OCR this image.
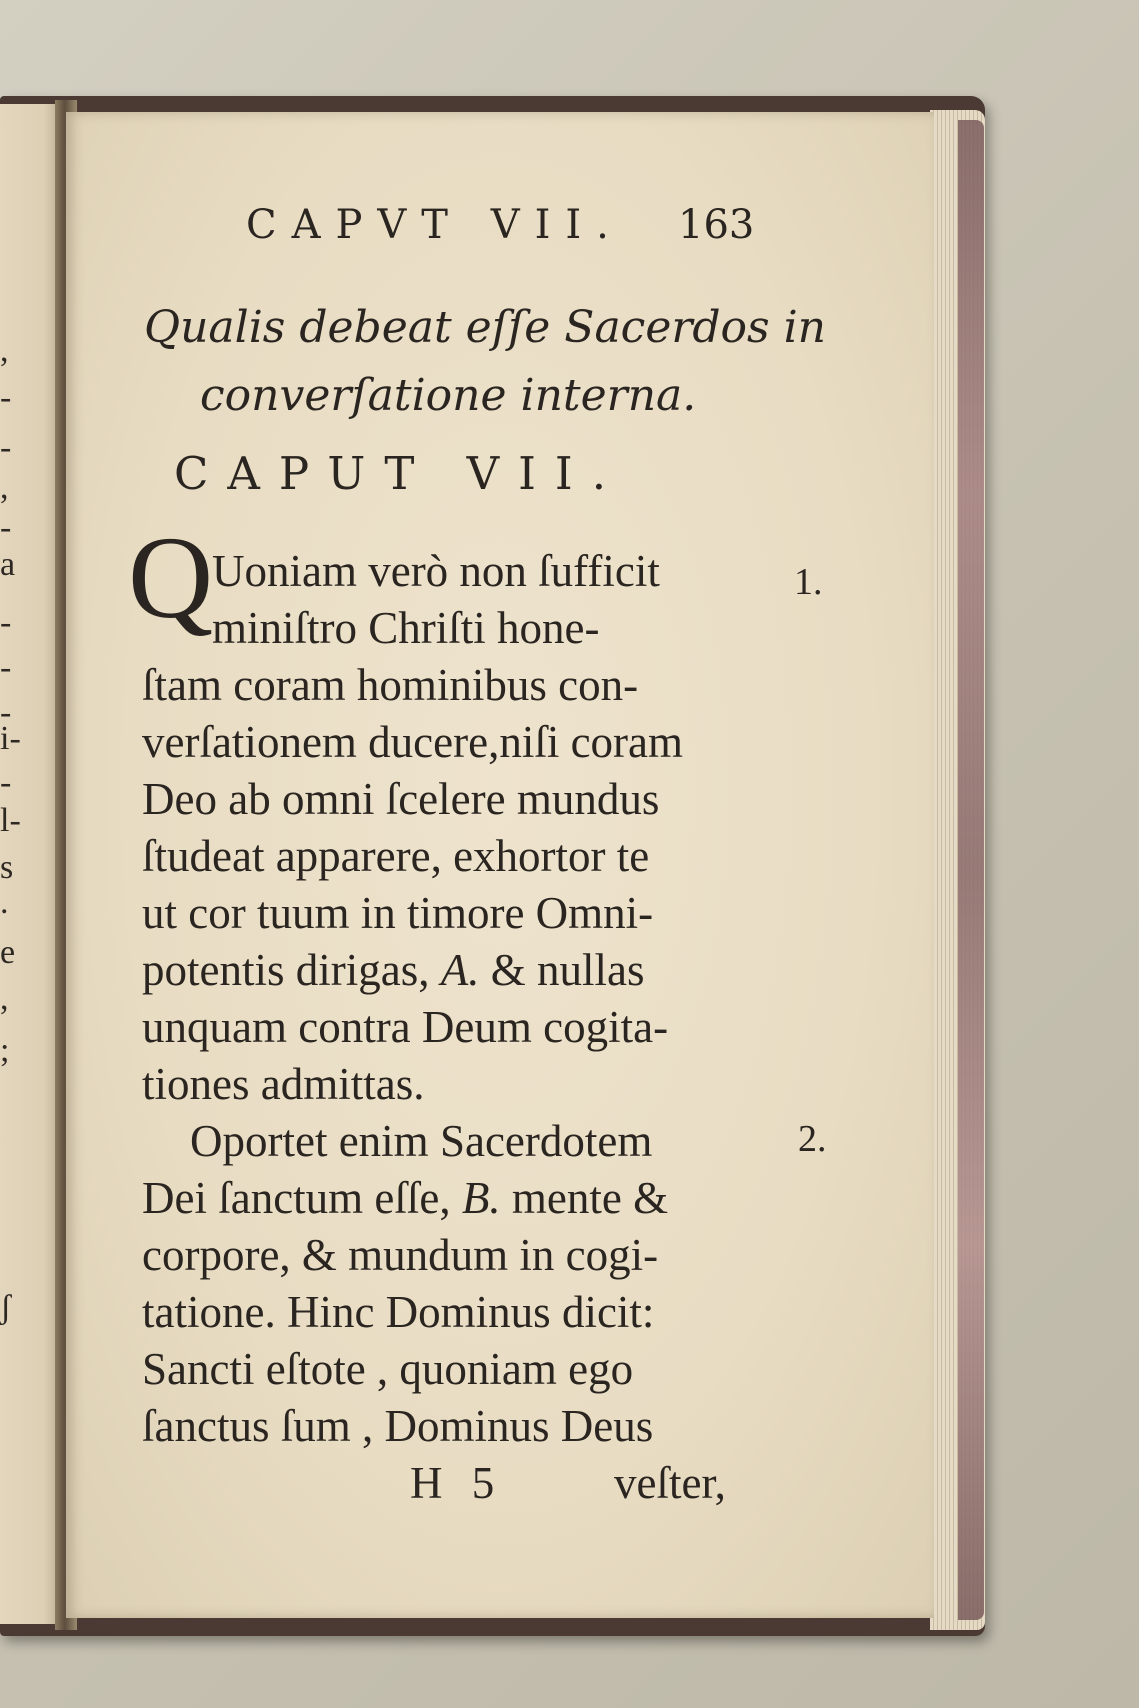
,
-
-
,
-
a
-
-
-
i-
-
l-
s
.
e
,
;
ʃ
CAPVT VII. 163
Qualis debeat eſſe Sacerdos in
converſatione interna.
CAPUT VII.
Q
Uoniam verò non ſufficit
miniſtro Chriſti hone-
ſtam coram hominibus con-
verſationem ducere,niſi coram
Deo ab omni ſcelere mundus
ſtudeat apparere, exhortor te
ut cor tuum in timore Omni-
potentis dirigas, A. & nullas
unquam contra Deum cogita-
tiones admittas.
1.
Oportet enim Sacerdotem
Dei ſanctum eſſe, B. mente &
corpore, & mundum in cogi-
tatione. Hinc Dominus dicit:
Sancti eſtote , quoniam ego
ſanctus ſum , Dominus Deus
2.
H 5	veſter,
